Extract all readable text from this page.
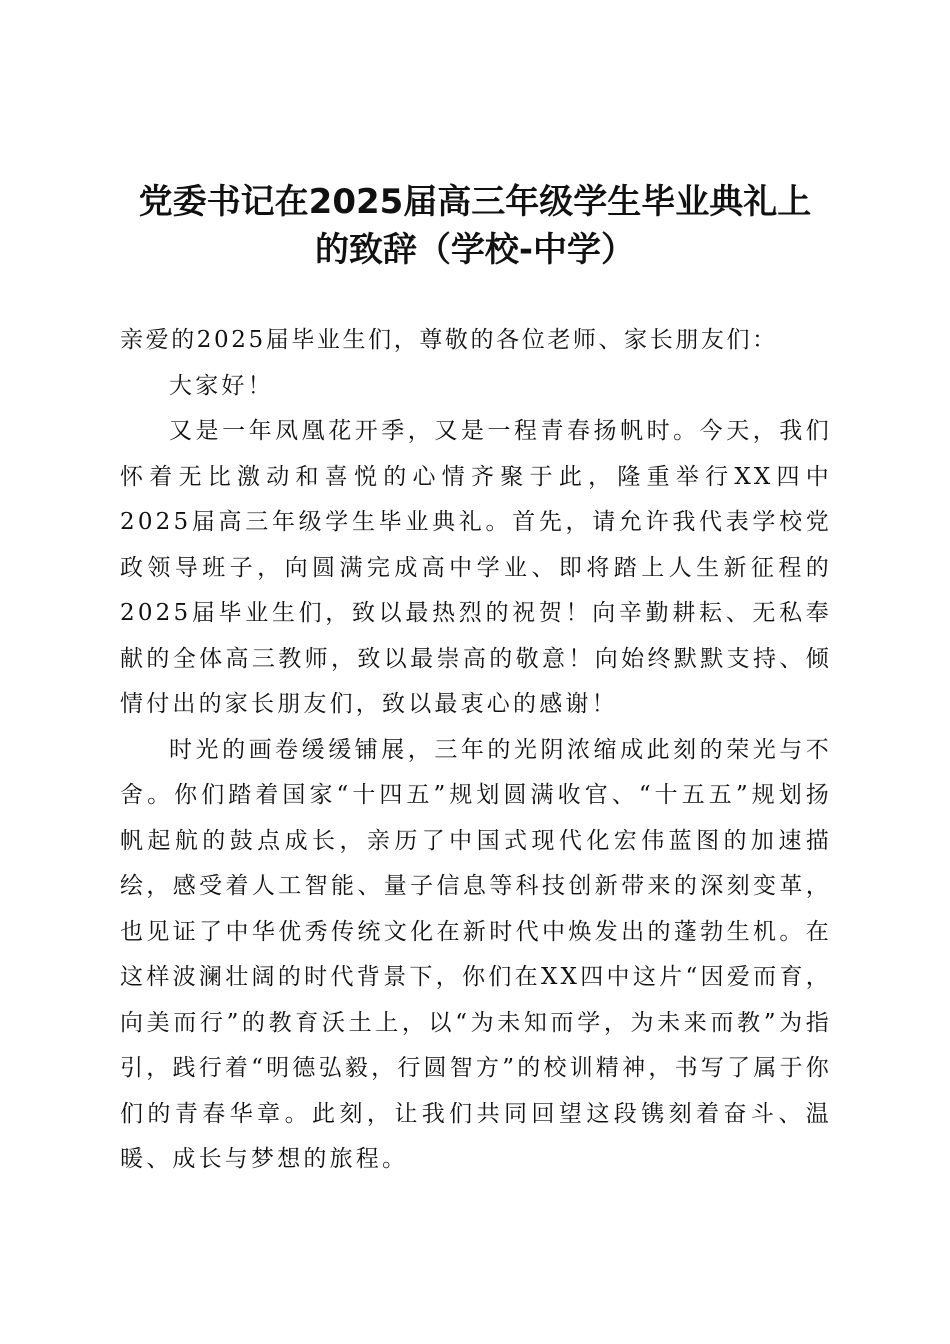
党委书记在2025届高三年级学生毕业典礼上
的致辞（学校-中学）

亲爱的2025届毕业生们，尊敬的各位老师、家长朋友们：

大家好！

又是一年凤凰花开季，又是一程青春扬帆时。今天，我们怀着无比激动和喜悦的心情齐聚于此，隆重举行XX四中2025届高三年级学生毕业典礼。首先，请允许我代表学校党政领导班子，向圆满完成高中学业、即将踏上人生新征程的2025届毕业生们，致以最热烈的祝贺！向辛勤耕耘、无私奉献的全体高三教师，致以最崇高的敬意！向始终默默支持、倾情付出的家长朋友们，致以最衷心的感谢！

时光的画卷缓缓铺展，三年的光阴浓缩成此刻的荣光与不舍。你们踏着国家“十四五”规划圆满收官、“十五五”规划扬帆起航的鼓点成长，亲历了中国式现代化宏伟蓝图的加速描绘，感受着人工智能、量子信息等科技创新带来的深刻变革，也见证了中华优秀传统文化在新时代中焕发出的蓬勃生机。在这样波澜壮阔的时代背景下，你们在XX四中这片“因爱而育，向美而行”的教育沃土上，以“为未知而学，为未来而教”为指引，践行着“明德弘毅，行圆智方”的校训精神，书写了属于你们的青春华章。此刻，让我们共同回望这段镌刻着奋斗、温暖、成长与梦想的旅程。
